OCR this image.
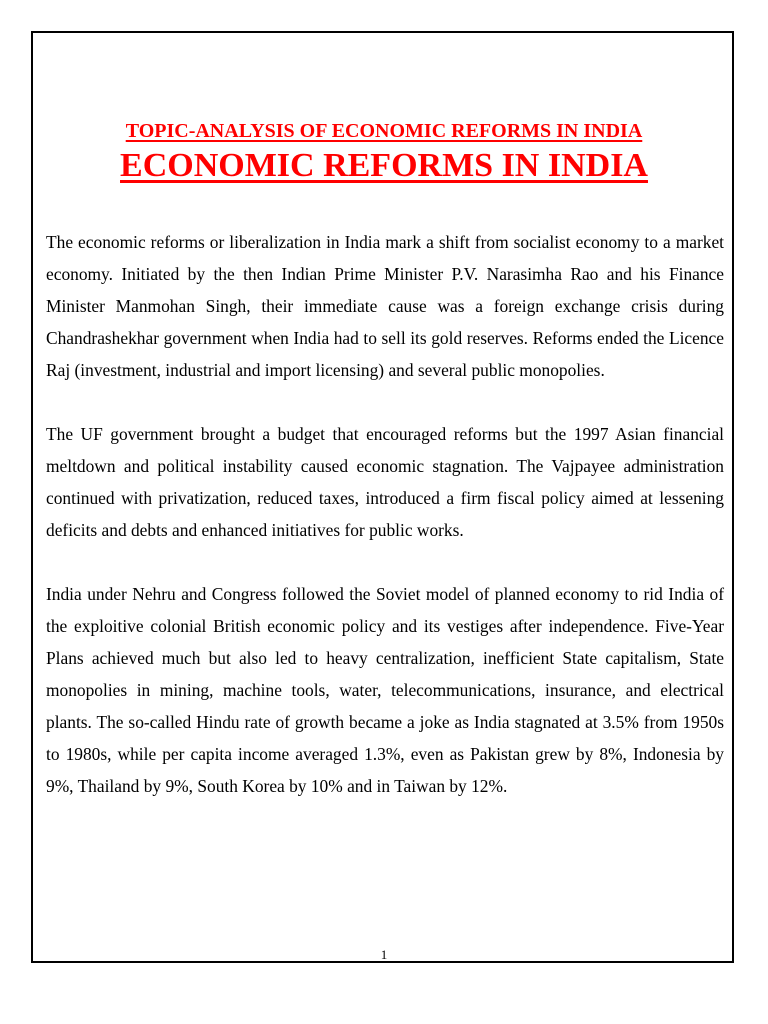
TOPIC-ANALYSIS OF ECONOMIC REFORMS IN INDIA
ECONOMIC REFORMS IN INDIA

The economic reforms or liberalization in India mark a shift from socialist economy to a market economy. Initiated by the then Indian Prime Minister P.V. Narasimha Rao and his Finance Minister Manmohan Singh, their immediate cause was a foreign exchange crisis during Chandrashekhar government when India had to sell its gold reserves. Reforms ended the Licence Raj (investment, industrial and import licensing) and several public monopolies.

The UF government brought a budget that encouraged reforms but the 1997 Asian financial meltdown and political instability caused economic stagnation. The Vajpayee administration continued with privatization, reduced taxes, introduced a firm fiscal policy aimed at lessening deficits and debts and enhanced initiatives for public works.

India under Nehru and Congress followed the Soviet model of planned economy to rid India of the exploitive colonial British economic policy and its vestiges after independence. Five-Year Plans achieved much but also led to heavy centralization, inefficient State capitalism, State monopolies in mining, machine tools, water, telecommunications, insurance, and electrical plants. The so-called Hindu rate of growth became a joke as India stagnated at 3.5% from 1950s to 1980s, while per capita income averaged 1.3%, even as Pakistan grew by 8%, Indonesia by 9%, Thailand by 9%, South Korea by 10% and in Taiwan by 12%.

1
